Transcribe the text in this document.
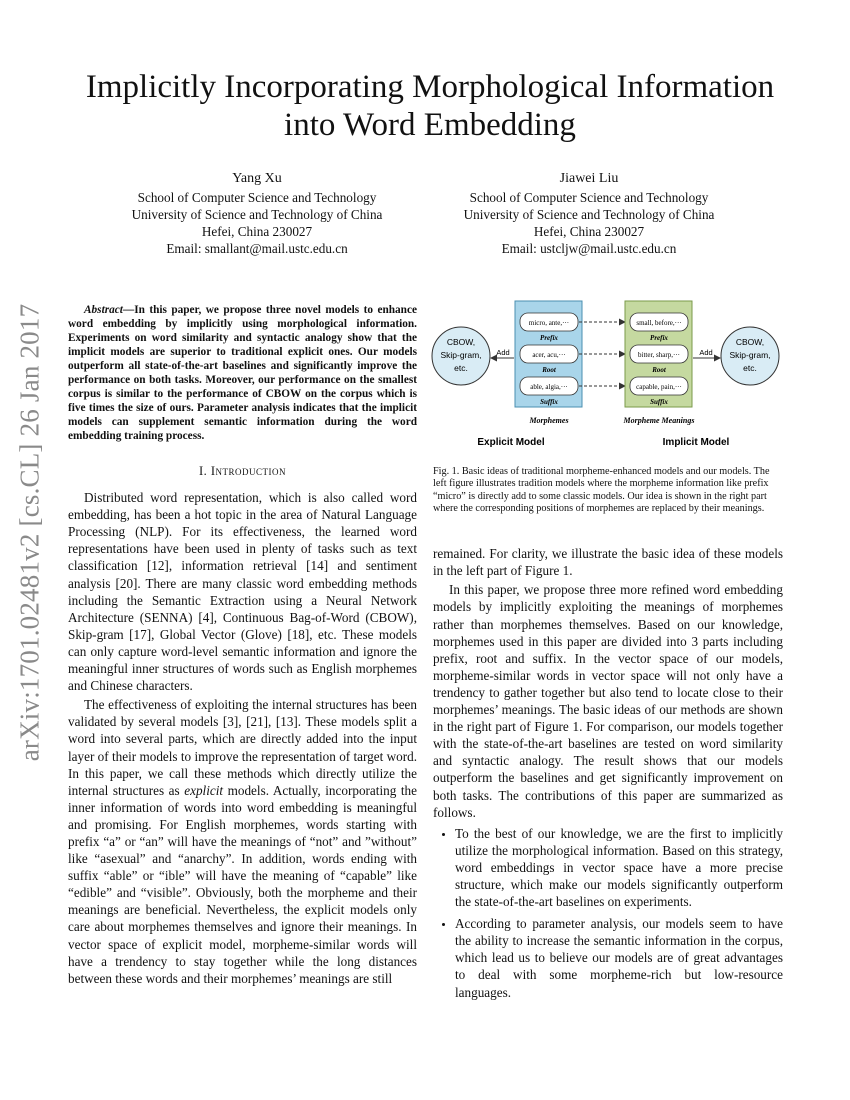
arXiv:1701.02481v2 [cs.CL] 26 Jan 2017
Implicitly Incorporating Morphological Information
into Word Embedding
Yang Xu
School of Computer Science and Technology
University of Science and Technology of China
Hefei, China 230027
Email: smallant@mail.ustc.edu.cn
Jiawei Liu
School of Computer Science and Technology
University of Science and Technology of China
Hefei, China 230027
Email: ustcljw@mail.ustc.edu.cn

Abstract—In this paper, we propose three novel models to enhance word embedding by implicitly using morphological information. Experiments on word similarity and syntactic analogy show that the implicit models are superior to traditional explicit ones. Our models outperform all state-of-the-art baselines and significantly improve the performance on both tasks. Moreover, our performance on the smallest corpus is similar to the performance of CBOW on the corpus which is five times the size of ours. Parameter analysis indicates that the implicit models can supplement semantic information during the word embedding training process.

I. Introduction

Distributed word representation, which is also called word embedding, has been a hot topic in the area of Natural Language Processing (NLP). For its effectiveness, the learned word representations have been used in plenty of tasks such as text classification [12], information retrieval [14] and sentiment analysis [20]. There are many classic word embedding methods including the Semantic Extraction using a Neural Network Architecture (SENNA) [4], Continuous Bag-of-Word (CBOW), Skip-gram [17], Global Vector (Glove) [18], etc. These models can only capture word-level semantic information and ignore the meaningful inner structures of words such as English morphemes and Chinese characters.

The effectiveness of exploiting the internal structures has been validated by several models [3], [21], [13]. These models split a word into several parts, which are directly added into the input layer of their models to improve the representation of target word. In this paper, we call these methods which directly utilize the internal structures as explicit models. Actually, incorporating the inner information of words into word embedding is meaningful and promising. For English morphemes, words starting with prefix “a” or “an” will have the meanings of “not” and ”without” like “asexual” and “anarchy”. In addition, words ending with suffix “able” or “ible” will have the meaning of “capable” like “edible” and “visible”. Obviously, both the morpheme and their meanings are beneficial. Nevertheless, the explicit models only care about morphemes themselves and ignore their meanings. In vector space of explicit model, morpheme-similar words will have a trendency to stay together while the long distances between these words and their morphemes’ meanings are still

CBOW,
Skip-gram,
etc.
Add
micro, ante,···
Prefix
acer, acu,···
Root
able, algia,···
Suffix
Morphemes
small, before,···
Prefix
bitter, sharp,···
Root
capable, pain,···
Suffix
Morpheme Meanings
Add
CBOW,
Skip-gram,
etc.
Explicit Model	Implicit Model

Fig. 1. Basic ideas of traditional morpheme-enhanced models and our models. The left figure illustrates tradition models where the morpheme information like prefix “micro” is directly add to some classic models. Our idea is shown in the right part where the corresponding positions of morphemes are replaced by their meanings.

remained. For clarity, we illustrate the basic idea of these models in the left part of Figure 1.

In this paper, we propose three more refined word embedding models by implicitly exploiting the meanings of morphemes rather than morphemes themselves. Based on our knowledge, morphemes used in this paper are divided into 3 parts including prefix, root and suffix. In the vector space of our models, morpheme-similar words in vector space will not only have a trendency to gather together but also tend to locate close to their morphemes’ meanings. The basic ideas of our methods are shown in the right part of Figure 1. For comparison, our models together with the state-of-the-art baselines are tested on word similarity and syntactic analogy. The result shows that our models outperform the baselines and get significantly improvement on both tasks. The contributions of this paper are summarized as follows.

• To the best of our knowledge, we are the first to implicitly utilize the morphological information. Based on this strategy, word embeddings in vector space have a more precise structure, which make our models significantly outperform the state-of-the-art baselines on experiments.
• According to parameter analysis, our models seem to have the ability to increase the semantic information in the corpus, which lead us to believe our models are of great advantages to deal with some morpheme-rich but low-resource languages.
